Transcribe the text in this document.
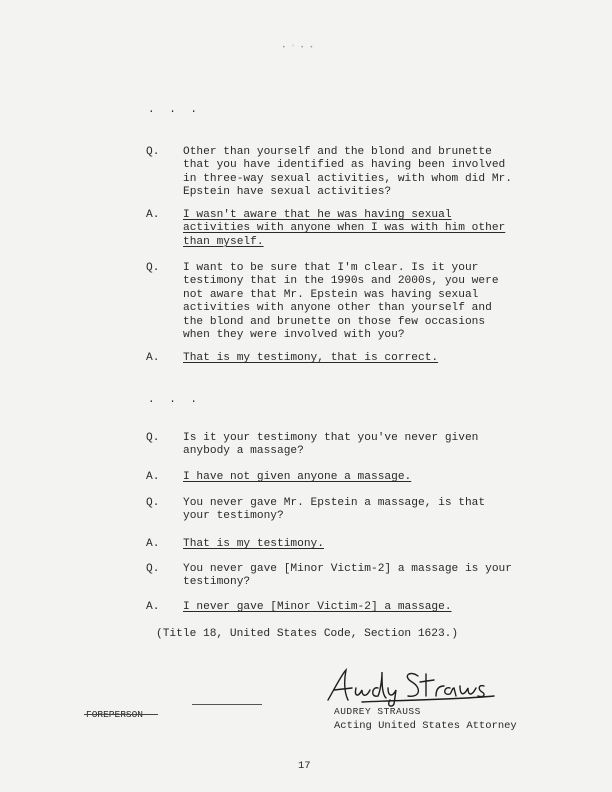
• ' • •
. . .
Q.	Other than yourself and the blond and brunette
that you have identified as having been involved
in three-way sexual activities, with whom did Mr.
Epstein have sexual activities?
A.	I wasn't aware that he was having sexual
activities with anyone when I was with him other
than myself.
Q.	I want to be sure that I'm clear. Is it your
testimony that in the 1990s and 2000s, you were
not aware that Mr. Epstein was having sexual
activities with anyone other than yourself and
the blond and brunette on those few occasions
when they were involved with you?
A.	That is my testimony, that is correct.
. . .
Q.	Is it your testimony that you've never given
anybody a massage?
A.	I have not given anyone a massage.
Q.	You never gave Mr. Epstein a massage, is that
your testimony?
A.	That is my testimony.
Q.	You never gave [Minor Victim-2] a massage is your
testimony?
A.	I never gave [Minor Victim-2] a massage.
(Title 18, United States Code, Section 1623.)
AUDREY STRAUSS
Acting United States Attorney
17
